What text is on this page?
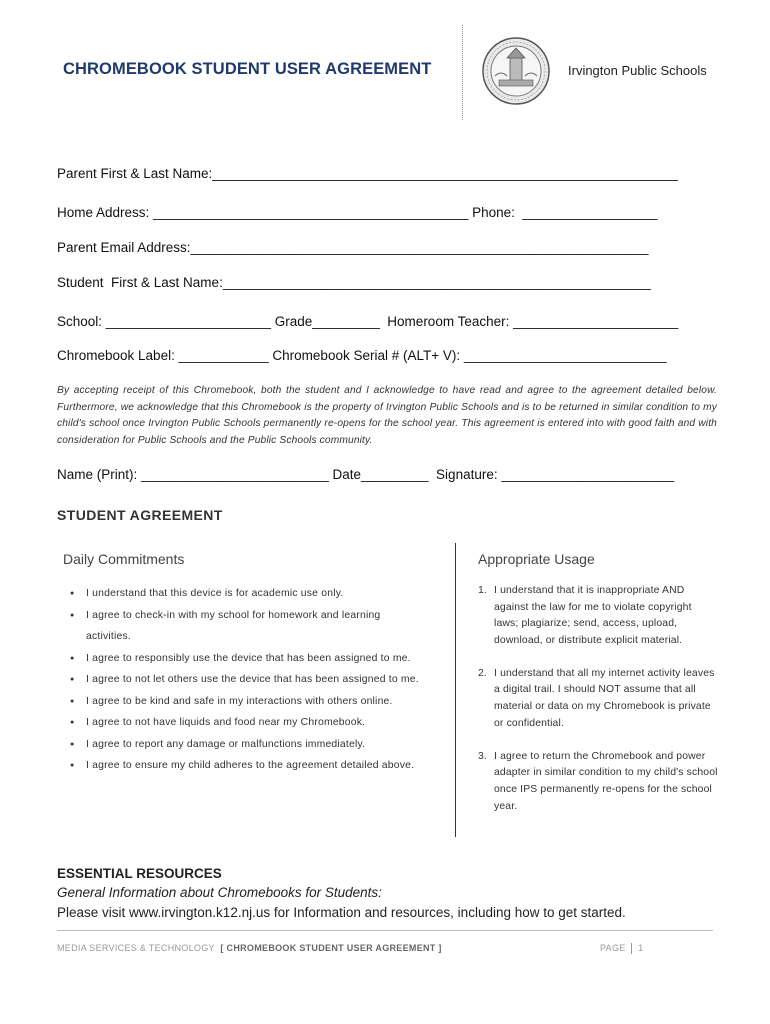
CHROMEBOOK STUDENT USER AGREEMENT	Irvington Public Schools
Parent First & Last Name:______________________________________________________________
Home Address: __________________________________________ Phone:  __________________
Parent Email Address:_____________________________________________________________
Student  First & Last Name:_________________________________________________________
School: ______________________ Grade_________  Homeroom Teacher: ______________________
Chromebook Label: ____________ Chromebook Serial # (ALT+ V): ___________________________
By accepting receipt of this Chromebook, both the student and I acknowledge to have read and agree to the agreement detailed below. Furthermore, we acknowledge that this Chromebook is the property of Irvington Public Schools and is to be returned in similar condition to my child's school once Irvington Public Schools permanently re-opens for the school year. This agreement is entered into with good faith and with consideration for Public Schools and the Public Schools community.
Name (Print): _________________________ Date_________  Signature: _______________________
STUDENT AGREEMENT
Daily Commitments	Appropriate Usage
● I understand that this device is for academic use only.
● I agree to check-in with my school for homework and learning activities.
● I agree to responsibly use the device that has been assigned to me.
● I agree to not let others use the device that has been assigned to me.
● I agree to be kind and safe in my interactions with others online.
● I agree to not have liquids and food near my Chromebook.
● I agree to report any damage or malfunctions immediately.
● I agree to ensure my child adheres to the agreement detailed above.
1. I understand that it is inappropriate AND against the law for me to violate copyright laws; plagiarize; send, access, upload, download, or distribute explicit material.
2. I understand that all my internet activity leaves a digital trail. I should NOT assume that all material or data on my Chromebook is private or confidential.
3. I agree to return the Chromebook and power adapter in similar condition to my child's school once IPS permanently re-opens for the school year.
ESSENTIAL RESOURCES
General Information about Chromebooks for Students:
Please visit www.irvington.k12.nj.us for Information and resources, including how to get started.
MEDIA SERVICES & TECHNOLOGY [ CHROMEBOOK STUDENT USER AGREEMENT ]	PAGE 1
